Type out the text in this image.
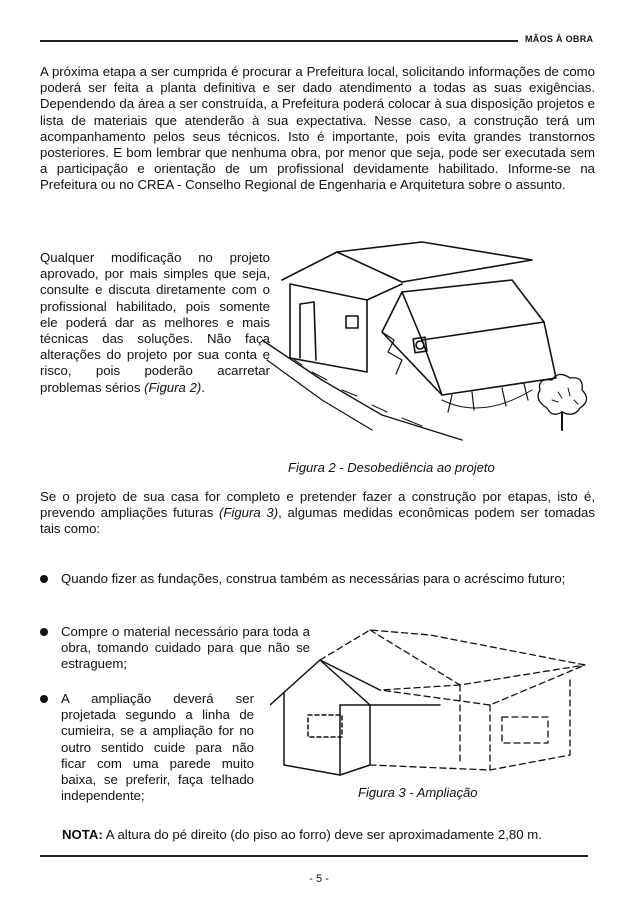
MÃOS À OBRA

A próxima etapa a ser cumprida é procurar a Prefeitura local, solicitando informações de como poderá ser feita a planta definitiva e ser dado atendimento a todas as suas exigências. Dependendo da área a ser construída, a Prefeitura poderá colocar à sua disposição projetos e lista de materiais que atenderão à sua expectativa. Nesse caso, a construção terá um acompanhamento pelos seus técnicos. Isto é importante, pois evita grandes transtornos posteriores. E bom lembrar que nenhuma obra, por menor que seja, pode ser executada sem a participação e orientação de um profissional devidamente habilitado. Informe-se na Prefeitura ou no CREA - Conselho Regional de Engenharia e Arquitetura sobre o assunto.

Qualquer modificação no projeto aprovado, por mais simples que seja, consulte e discuta diretamente com o profissional habilitado, pois somente ele poderá dar as melhores e mais técnicas das soluções. Não faça alterações do projeto por sua conta e risco, pois poderão acarretar problemas sérios (Figura 2).

Figura 2 - Desobediência ao projeto

Se o projeto de sua casa for completo e pretender fazer a construção por etapas, isto é, prevendo ampliações futuras (Figura 3), algumas medidas econômicas podem ser tomadas tais como:

Quando fizer as fundações, construa também as necessárias para o acréscimo futuro;
Compre o material necessário para toda a obra, tomando cuidado para que não se estraguem;
A ampliação deverá ser projetada segundo a linha de cumieira, se a ampliação for no outro sentido cuide para não ficar com uma parede muito baixa, se preferir, faça telhado independente;	Figura 3 - Ampliação
NOTA: A altura do pé direito (do piso ao forro) deve ser aproximadamente 2,80 m.
- 5 -
